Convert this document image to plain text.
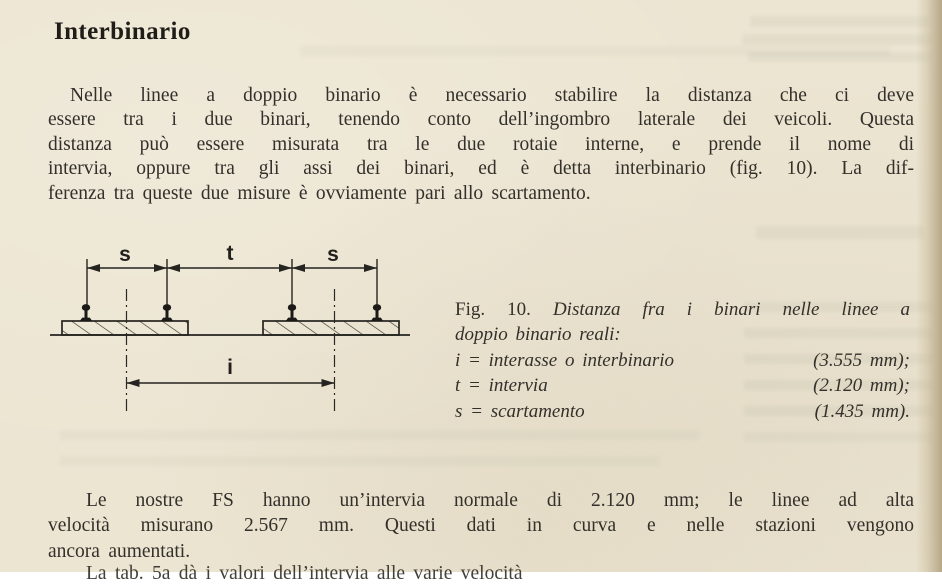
Interbinario
Nelle linee a doppio binario è necessario stabilire la distanza che ci deve
essere tra i due binari, tenendo conto dell’ingombro laterale dei veicoli. Questa
distanza può essere misurata tra le due rotaie interne, e prende il nome di
intervia, oppure tra gli assi dei binari, ed è detta interbinario (fig. 10). La dif-
ferenza tra queste due misure è ovviamente pari allo scartamento.
s	t	s
i
Fig. 10. Distanza fra i binari nelle linee a
doppio binario reali:
i = interasse o interbinario	(3.555 mm);
t = intervia	(2.120 mm);
s = scartamento	(1.435 mm).
Le nostre FS hanno un’intervia normale di 2.120 mm; le linee ad alta
velocità misurano 2.567 mm. Questi dati in curva e nelle stazioni vengono
ancora aumentati.
La tab. 5a dà i valori dell’intervia alle varie velocità
